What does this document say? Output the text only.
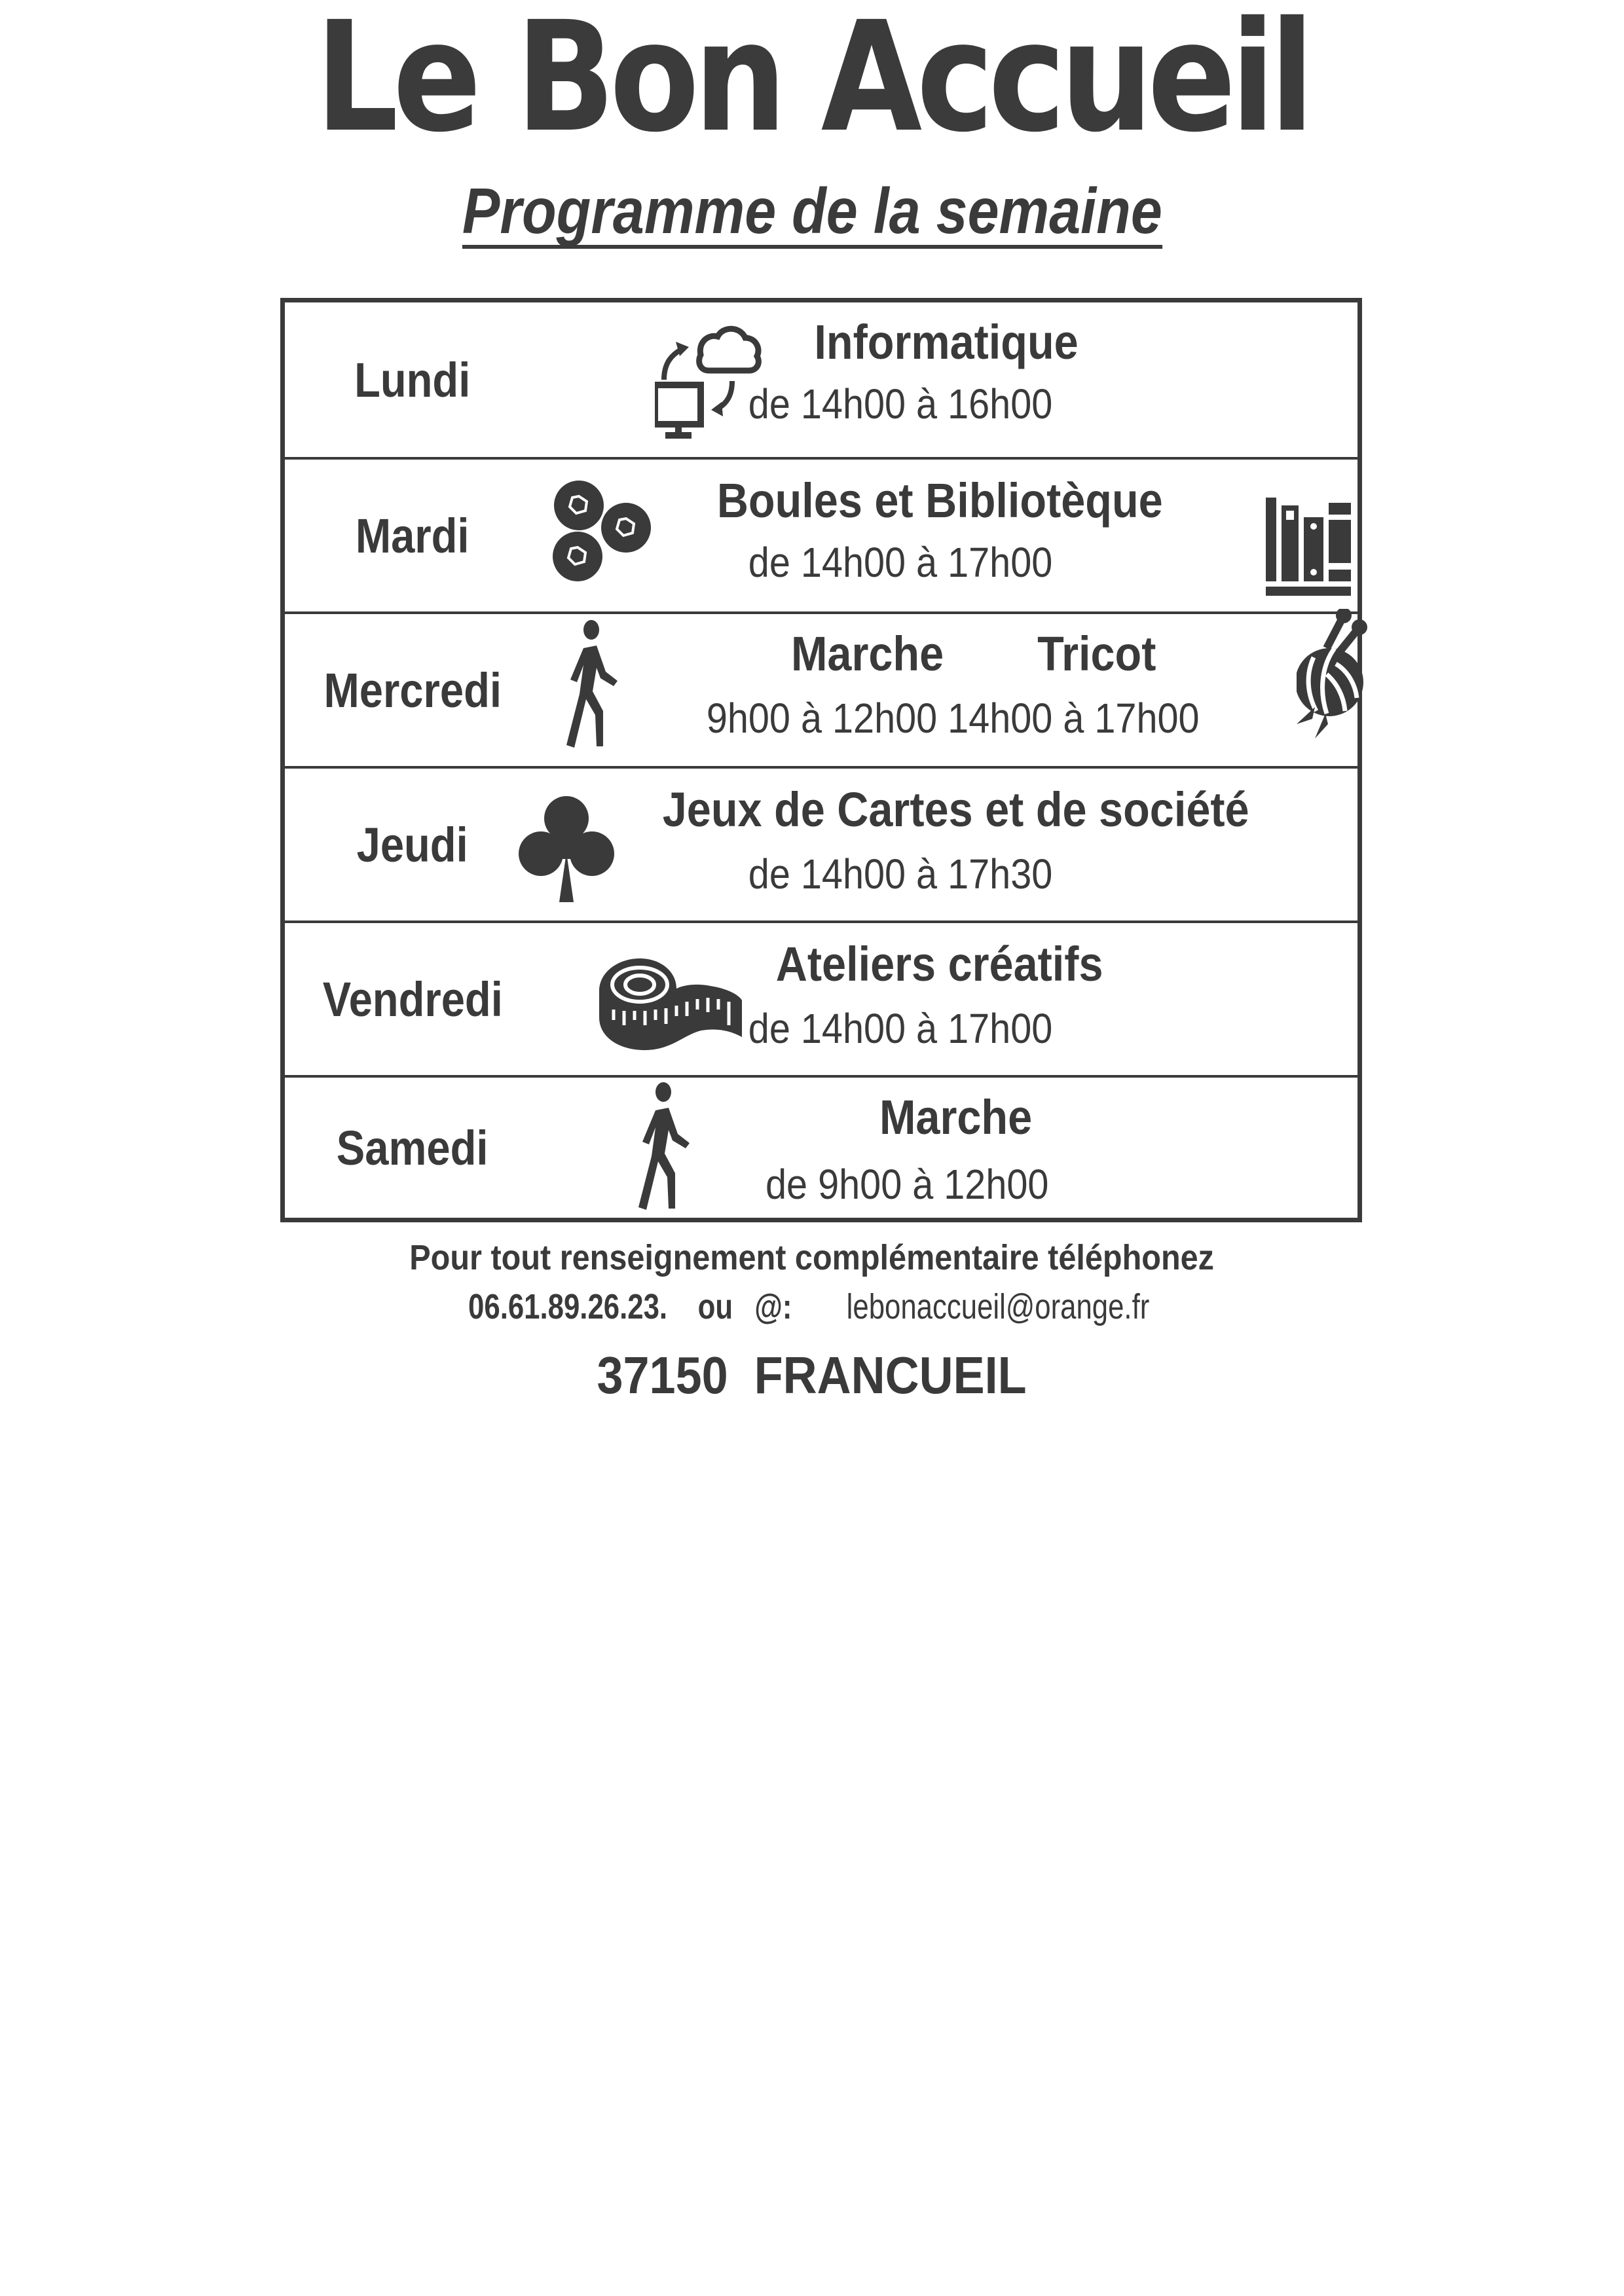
Le Bon Accueil
Programme de la semaine
Lundi
Informatique
de 14h00 à 16h00
Mardi
Boules et Bibliotèque
de 14h00 à 17h00
Mercredi
Marche Tricot
9h00 à 12h00 14h00 à 17h00
Jeudi
Jeux de Cartes et de société
de 14h00 à 17h30
Vendredi
Ateliers créatifs
de 14h00 à 17h00
Samedi
Marche
de 9h00 à 12h00
Pour tout renseignement complémentaire téléphonez
06.61.89.26.23. ou @: lebonaccueil@orange.fr
37150  FRANCUEIL
